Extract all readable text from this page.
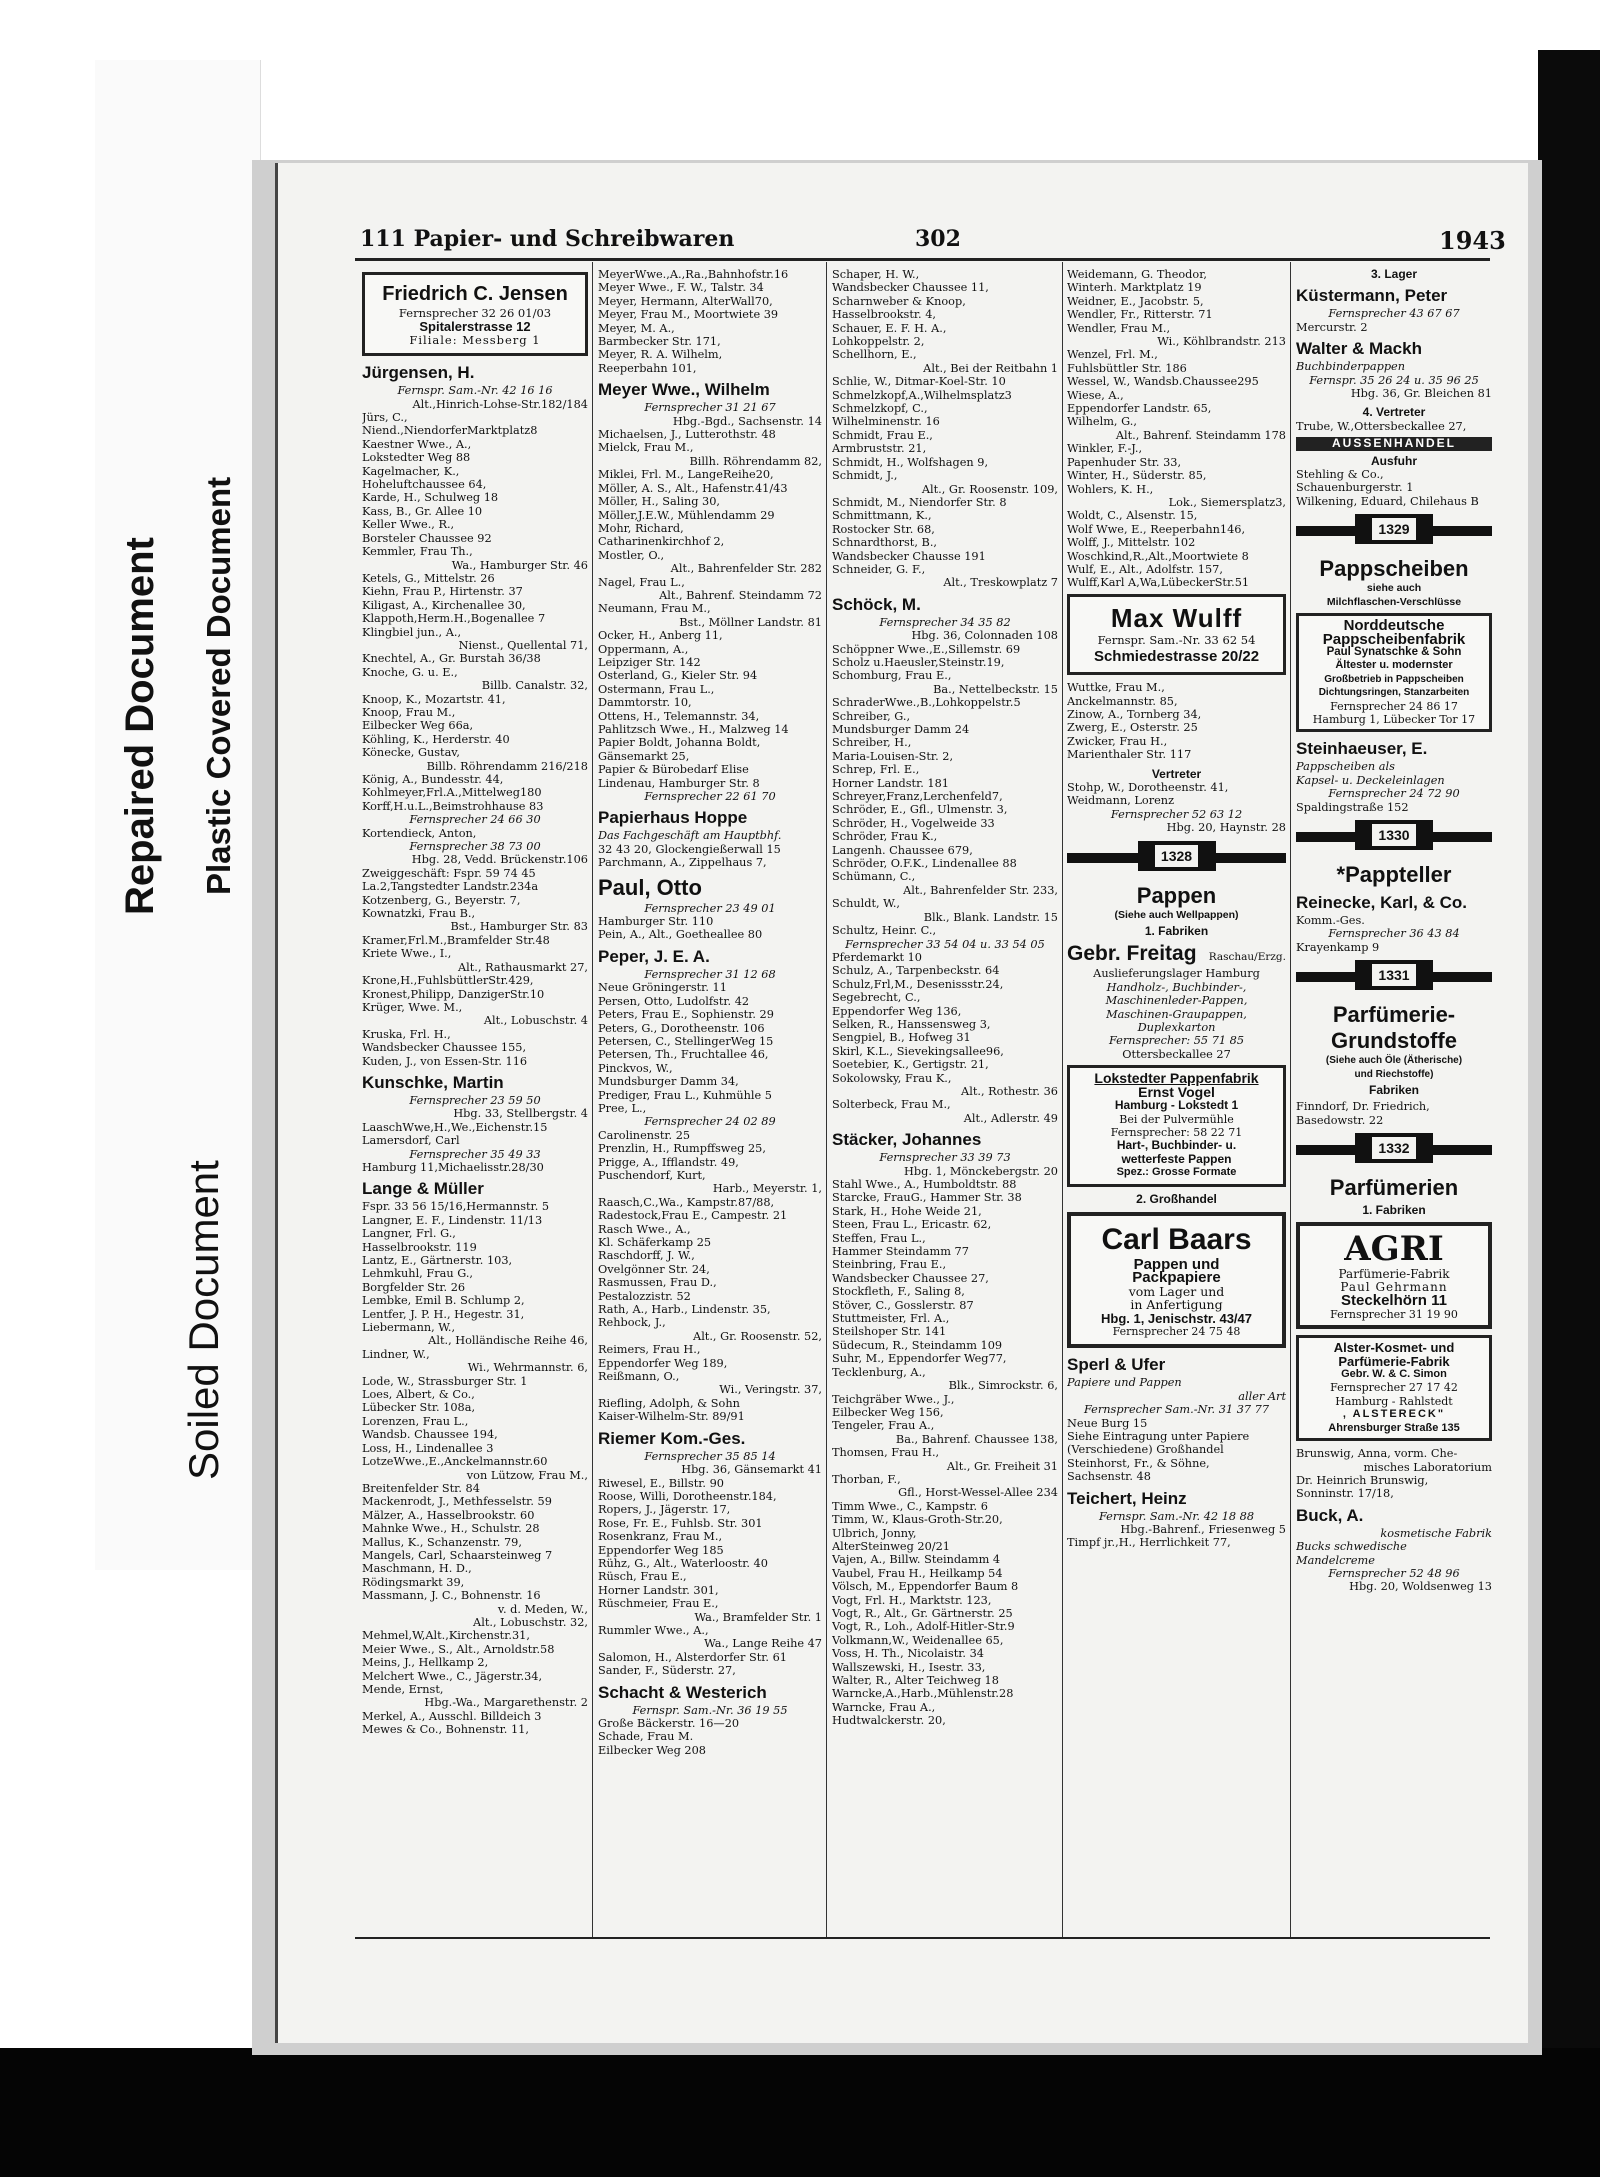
Repaired Document Plastic Covered Document
Soiled Document
111 Papier- und Schreibwaren	302	1943
Friedrich C. Jensen
Fernsprecher 32 26 01/03
Spitalerstrasse 12
Filiale: Messberg 1
Jürgensen, H.
Fernspr. Sam.-Nr. 42 16 16
Alt.,Hinrich-Lohse-Str.182/184
Jürs, C.,
Niend.,NiendorferMarktplatz8
Kaestner Wwe., A.,
Lokstedter Weg 88
Kagelmacher, K.,
Hoheluftchaussee 64,
Karde, H., Schulweg 18
Kass, B., Gr. Allee 10
Keller Wwe., R.,
Borsteler Chaussee 92
Kemmler, Frau Th.,
Wa., Hamburger Str. 46
Ketels, G., Mittelstr. 26
Kiehn, Frau P., Hirtenstr. 37
Kiligast, A., Kirchenallee 30,
Klappoth,Herm.H.,Bogenallee 7
Klingbiel jun., A.,
Nienst., Quellental 71,
Knechtel, A., Gr. Burstah 36/38
Knoche, G. u. E.,
Billb. Canalstr. 32,
Knoop, K., Mozartstr. 41,
Knoop, Frau M.,
Eilbecker Weg 66a,
Köhling, K., Herderstr. 40
Könecke, Gustav,
Billb. Röhrendamm 216/218
König, A., Bundesstr. 44,
Kohlmeyer,Frl.A.,Mittelweg180
Korff,H.u.L.,Beimstrohhause 83
Fernsprecher 24 66 30
Kortendieck, Anton,
Fernsprecher 38 73 00
Hbg. 28, Vedd. Brückenstr.106
Zweiggeschäft: Fspr. 59 74 45
La.2,Tangstedter Landstr.234a
Kotzenberg, G., Beyerstr. 7,
Kownatzki, Frau B.,
Bst., Hamburger Str. 83
Kramer,Frl.M.,Bramfelder Str.48
Kriete Wwe., I.,
Alt., Rathausmarkt 27,
Krone,H.,FuhlsbüttlerStr.429,
Kronest,Philipp, DanzigerStr.10
Krüger, Wwe. M.,
Alt., Lobuschstr. 4
Kruska, Frl. H.,
Wandsbecker Chaussee 155,
Kuden, J., von Essen-Str. 116
Kunschke, Martin
Fernsprecher 23 59 50
Hbg. 33, Stellbergstr. 4
LaaschWwe,H.,We.,Eichenstr.15
Lamersdorf, Carl
Fernsprecher 35 49 33
Hamburg 11,Michaelisstr.28/30
Lange & Müller
Fspr. 33 56 15/16,Hermannstr. 5
Langner, E. F., Lindenstr. 11/13
Langner, Frl. G.,
Hasselbrookstr. 119
Lantz, E., Gärtnerstr. 103,
Lehmkuhl, Frau G.,
Borgfelder Str. 26
Lembke, Emil B. Schlump 2,
Lentfer, J. P. H., Hegestr. 31,
Liebermann, W.,
Alt., Holländische Reihe 46,
Lindner, W.,
Wi., Wehrmannstr. 6,
Lode, W., Strassburger Str. 1
Loes, Albert, & Co.,
Lübecker Str. 108a,
Lorenzen, Frau L.,
Wandsb. Chaussee 194,
Loss, H., Lindenallee 3
LotzeWwe.,E.,Anckelmannstr.60
von Lützow, Frau M.,
Breitenfelder Str. 84
Mackenrodt, J., Methfesselstr. 59
Mälzer, A., Hasselbrookstr. 60
Mahnke Wwe., H., Schulstr. 28
Mallus, K., Schanzenstr. 79,
Mangels, Carl, Schaarsteinweg 7
Maschmann, H. D.,
Rödingsmarkt 39,
Massmann, J. C., Bohnenstr. 16
v. d. Meden, W.,
Alt., Lobuschstr. 32,
Mehmel,W,Alt.,Kirchenstr.31,
Meier Wwe., S., Alt., Arnoldstr.58
Meins, J., Hellkamp 2,
Melchert Wwe., C., Jägerstr.34,
Mende, Ernst,
Hbg.-Wa., Margarethenstr. 2
Merkel, A., Ausschl. Billdeich 3
Mewes & Co., Bohnenstr. 11,
MeyerWwe.,A.,Ra.,Bahnhofstr.16
Meyer Wwe., F. W., Talstr. 34
Meyer, Hermann, AlterWall70,
Meyer, Frau M., Moortwiete 39
Meyer, M. A.,
Barmbecker Str. 171,
Meyer, R. A. Wilhelm,
Reeperbahn 101,
Meyer Wwe., Wilhelm
Fernsprecher 31 21 67
Hbg.-Bgd., Sachsenstr. 14
Michaelsen, J., Lutterothstr. 48
Mielck, Frau M.,
Billh. Röhrendamm 82,
Miklei, Frl. M., LangeReihe20,
Möller, A. S., Alt., Hafenstr.41/43
Möller, H., Saling 30,
Möller,J.E.W., Mühlendamm 29
Mohr, Richard,
Catharinenkirchhof 2,
Mostler, O.,
Alt., Bahrenfelder Str. 282
Nagel, Frau L.,
Alt., Bahrenf. Steindamm 72
Neumann, Frau M.,
Bst., Möllner Landstr. 81
Ocker, H., Anberg 11,
Oppermann, A.,
Leipziger Str. 142
Osterland, G., Kieler Str. 94
Ostermann, Frau L.,
Dammtorstr. 10,
Ottens, H., Telemannstr. 34,
Pahlitzsch Wwe., H., Malzweg 14
Papier Boldt, Johanna Boldt,
Gänsemarkt 25,
Papier & Bürobedarf Elise
Lindenau, Hamburger Str. 8
Fernsprecher 22 61 70
Papierhaus Hoppe
Das Fachgeschäft am Hauptbhf.
32 43 20, Glockengießerwall 15
Parchmann, A., Zippelhaus 7,
Paul, Otto
Fernsprecher 23 49 01
Hamburger Str. 110
Pein, A., Alt., Goetheallee 80
Peper, J. E. A.
Fernsprecher 31 12 68
Neue Gröningerstr. 11
Persen, Otto, Ludolfstr. 42
Peters, Frau E., Sophienstr. 29
Peters, G., Dorotheenstr. 106
Petersen, C., StellingerWeg 15
Petersen, Th., Fruchtallee 46,
Pinckvos, W.,
Mundsburger Damm 34,
Prediger, Frau L., Kuhmühle 5
Pree, L.,
Fernsprecher 24 02 89
Carolinenstr. 25
Prenzlin, H., Rumpffsweg 25,
Prigge, A., Ifflandstr. 49,
Puschendorf, Kurt,
Harb., Meyerstr. 1,
Raasch,C.,Wa., Kampstr.87/88,
Radestock,Frau E., Campestr. 21
Rasch Wwe., A.,
Kl. Schäferkamp 25
Raschdorff, J. W.,
Ovelgönner Str. 24,
Rasmussen, Frau D.,
Pestalozzistr. 52
Rath, A., Harb., Lindenstr. 35,
Rehbock, J.,
Alt., Gr. Roosenstr. 52,
Reimers, Frau H.,
Eppendorfer Weg 189,
Reißmann, O.,
Wi., Veringstr. 37,
Riefling, Adolph, & Sohn
Kaiser-Wilhelm-Str. 89/91
Riemer Kom.-Ges.
Fernsprecher 35 85 14
Hbg. 36, Gänsemarkt 41
Riwesel, E., Billstr. 90
Roose, Willi, Dorotheenstr.184,
Ropers, J., Jägerstr. 17,
Rose, Fr. E., Fuhlsb. Str. 301
Rosenkranz, Frau M.,
Eppendorfer Weg 185
Rühz, G., Alt., Waterloostr. 40
Rüsch, Frau E.,
Horner Landstr. 301,
Rüschmeier, Frau E.,
Wa., Bramfelder Str. 1
Rummler Wwe., A.,
Wa., Lange Reihe 47
Salomon, H., Alsterdorfer Str. 61
Sander, F., Süderstr. 27,
Schacht & Westerich
Fernspr. Sam.-Nr. 36 19 55
Große Bäckerstr. 16—20
Schade, Frau M.
Eilbecker Weg 208
Schaper, H. W.,
Wandsbecker Chaussee 11,
Scharnweber & Knoop,
Hasselbrookstr. 4,
Schauer, E. F. H. A.,
Lohkoppelstr. 2,
Schellhorn, E.,
Alt., Bei der Reitbahn 1
Schlie, W., Ditmar-Koel-Str. 10
Schmelzkopf,A.,Wilhelmsplatz3
Schmelzkopf, C.,
Wilhelminenstr. 16
Schmidt, Frau E.,
Armbruststr. 21,
Schmidt, H., Wolfshagen 9,
Schmidt, J.,
Alt., Gr. Roosenstr. 109,
Schmidt, M., Niendorfer Str. 8
Schmittmann, K.,
Rostocker Str. 68,
Schnardthorst, B.,
Wandsbecker Chausse 191
Schneider, G. F.,
Alt., Treskowplatz 7
Schöck, M.
Fernsprecher 34 35 82
Hbg. 36, Colonnaden 108
Schöppner Wwe.,E.,Sillemstr. 69
Scholz u.Haeusler,Steinstr.19,
Schomburg, Frau E.,
Ba., Nettelbeckstr. 15
SchraderWwe.,B.,Lohkoppelstr.5
Schreiber, G.,
Mundsburger Damm 24
Schreiber, H.,
Maria-Louisen-Str. 2,
Schrep, Frl. E.,
Horner Landstr. 181
Schreyer,Franz,Lerchenfeld7,
Schröder, E., Gfl., Ulmenstr. 3,
Schröder, H., Vogelweide 33
Schröder, Frau K.,
Langenh. Chaussee 679,
Schröder, O.F.K., Lindenallee 88
Schümann, C.,
Alt., Bahrenfelder Str. 233,
Schuldt, W.,
Blk., Blank. Landstr. 15
Schultz, Heinr. C.,
Fernsprecher 33 54 04 u. 33 54 05
Pferdemarkt 10
Schulz, A., Tarpenbeckstr. 64
Schulz,Frl,M., Desenissstr.24,
Segebrecht, C.,
Eppendorfer Weg 136,
Selken, R., Hanssensweg 3,
Sengpiel, B., Hofweg 31
Skirl, K.L., Sievekingsallee96,
Soetebier, K., Gertigstr. 21,
Sokolowsky, Frau K.,
Alt., Rothestr. 36
Solterbeck, Frau M.,
Alt., Adlerstr. 49
Stäcker, Johannes
Fernsprecher 33 39 73
Hbg. 1, Mönckebergstr. 20
Stahl Wwe., A., Humboldtstr. 88
Starcke, FrauG., Hammer Str. 38
Stark, H., Hohe Weide 21,
Steen, Frau L., Ericastr. 62,
Steffen, Frau L.,
Hammer Steindamm 77
Steinbring, Frau E.,
Wandsbecker Chaussee 27,
Stockfleth, F., Saling 8,
Stöver, C., Gosslerstr. 87
Stuttmeister, Frl. A.,
Steilshoper Str. 141
Südecum, R., Steindamm 109
Suhr, M., Eppendorfer Weg77,
Tecklenburg, A.,
Blk., Simrockstr. 6,
Teichgräber Wwe., J.,
Eilbecker Weg 156,
Tengeler, Frau A.,
Ba., Bahrenf. Chaussee 138,
Thomsen, Frau H.,
Alt., Gr. Freiheit 31
Thorban, F.,
Gfl., Horst-Wessel-Allee 234
Timm Wwe., C., Kampstr. 6
Timm, W., Klaus-Groth-Str.20,
Ulbrich, Jonny,
AlterSteinweg 20/21
Vajen, A., Billw. Steindamm 4
Vaubel, Frau H., Heilkamp 54
Völsch, M., Eppendorfer Baum 8
Vogt, Frl. H., Marktstr. 123,
Vogt, R., Alt., Gr. Gärtnerstr. 25
Vogt, R., Loh., Adolf-Hitler-Str.9
Volkmann,W., Weidenallee 65,
Voss, H. Th., Nicolaistr. 34
Wallszewski, H., Isestr. 33,
Walter, R., Alter Teichweg 18
Warncke,A.,Harb.,Mühlenstr.28
Warncke, Frau A.,
Hudtwalckerstr. 20,
Weidemann, G. Theodor,
Winterh. Marktplatz 19
Weidner, E., Jacobstr. 5,
Wendler, Fr., Ritterstr. 71
Wendler, Frau M.,
Wi., Köhlbrandstr. 213
Wenzel, Frl. M.,
Fuhlsbüttler Str. 186
Wessel, W., Wandsb.Chaussee295
Wiese, A.,
Eppendorfer Landstr. 65,
Wilhelm, G.,
Alt., Bahrenf. Steindamm 178
Winkler, F.-J.,
Papenhuder Str. 33,
Winter, H., Süderstr. 85,
Wohlers, K. H.,
Lok., Siemersplatz3,
Woldt, C., Alsenstr. 15,
Wolf Wwe, E., Reeperbahn146,
Wolff, J., Mittelstr. 102
Woschkind,R.,Alt.,Moortwiete 8
Wulf, E., Alt., Adolfstr. 157,
Wulff,Karl A,Wa,LübeckerStr.51
Max Wulff
Fernspr. Sam.-Nr. 33 62 54
Schmiedestrasse 20/22
Wuttke, Frau M.,
Anckelmannstr. 85,
Zinow, A., Tornberg 34,
Zwerg, E., Osterstr. 25
Zwicker, Frau H.,
Marienthaler Str. 117
Vertreter
Stohp, W., Dorotheenstr. 41,
Weidmann, Lorenz
Fernsprecher 52 63 12
Hbg. 20, Haynstr. 28
1328
Pappen
(Siehe auch Wellpappen)
1. Fabriken
Gebr. Freitag Raschau/Erzg.
Auslieferungslager Hamburg
Handholz-, Buchbinder-,
Maschinenleder-Pappen,
Maschinen-Graupappen,
Duplexkarton
Fernsprecher: 55 71 85
Ottersbeckallee 27
Lokstedter Pappenfabrik
Ernst Vogel
Hamburg - Lokstedt 1
Bei der Pulvermühle
Fernsprecher: 58 22 71
Hart-, Buchbinder- u.
wetterfeste Pappen
Spez.: Grosse Formate
2. Großhandel
Carl Baars
Pappen und
Packpapiere
vom Lager und
in Anfertigung
Hbg. 1, Jenischstr. 43/47
Fernsprecher 24 75 48
Sperl & Ufer
Papiere und Pappen
aller Art
Fernsprecher Sam.-Nr. 31 37 77
Neue Burg 15
Siehe Eintragung unter Papiere
(Verschiedene) Großhandel
Steinhorst, Fr., & Söhne,
Sachsenstr. 48
Teichert, Heinz
Fernspr. Sam.-Nr. 42 18 88
Hbg.-Bahrenf., Friesenweg 5
Timpf jr.,H., Herrlichkeit 77,
3. Lager
Küstermann, Peter
Fernsprecher 43 67 67
Mercurstr. 2
Walter & Mackh
Buchbinderpappen
Fernspr. 35 26 24 u. 35 96 25
Hbg. 36, Gr. Bleichen 81
4. Vertreter
Trube, W.,Ottersbeckallee 27,
AUSSENHANDEL
Ausfuhr
Stehling & Co.,
Schauenburgerstr. 1
Wilkening, Eduard, Chilehaus B
1329
Pappscheiben
siehe auch
Milchflaschen-Verschlüsse
Norddeutsche
Pappscheibenfabrik
Paul Synatschke & Sohn
Ältester u. modernster
Großbetrieb in Pappscheiben
Dichtungsringen, Stanzarbeiten
Fernsprecher 24 86 17
Hamburg 1, Lübecker Tor 17
Steinhaeuser, E.
Pappscheiben als
Kapsel- u. Deckeleinlagen
Fernsprecher 24 72 90
Spaldingstraße 152
1330
*Pappteller
Reinecke, Karl, & Co.
Komm.-Ges.
Fernsprecher 36 43 84
Krayenkamp 9
1331
Parfümerie-
Grundstoffe
(Siehe auch Öle (Ätherische)
und Riechstoffe)
Fabriken
Finndorf, Dr. Friedrich,
Basedowstr. 22
1332
Parfümerien
1. Fabriken
AGRI
Parfümerie-Fabrik
Paul Gehrmann
Steckelhörn 11
Fernsprecher 31 19 90
Alster-Kosmet- und
Parfümerie-Fabrik
Gebr. W. & C. Simon
Fernsprecher 27 17 42
Hamburg - Rahlstedt
, ALSTERECK"
Ahrensburger Straße 135
Brunswig, Anna, vorm. Che-
misches Laboratorium
Dr. Heinrich Brunswig,
Sonninstr. 17/18,
Buck, A.
kosmetische Fabrik
Bucks schwedische
Mandelcreme
Fernsprecher 52 48 96
Hbg. 20, Woldsenweg 13
